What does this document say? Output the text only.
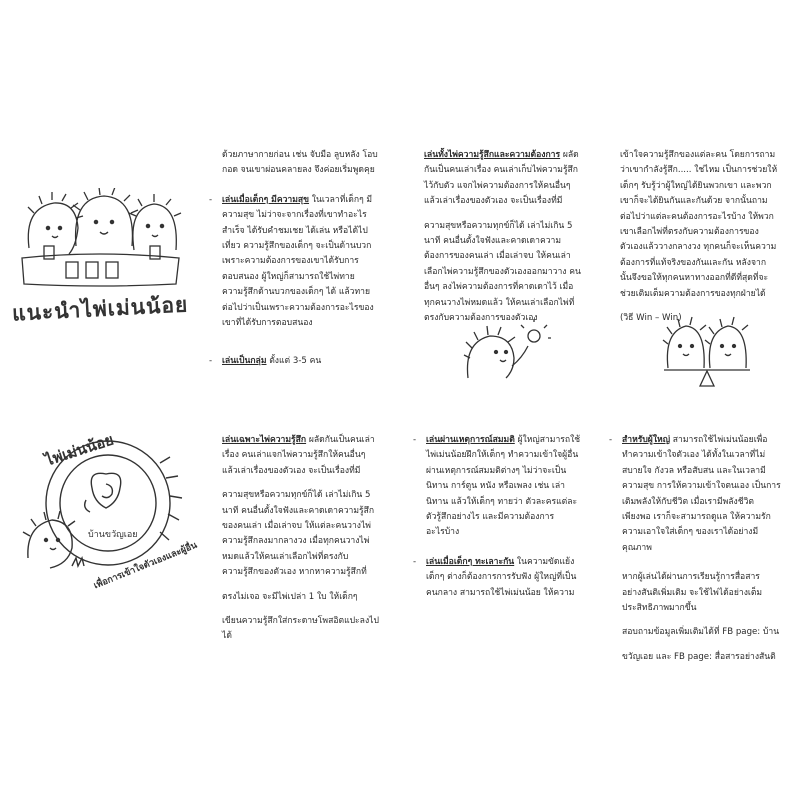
แนะนำไพ่เม่นน้อย
ไพ่เม่นน้อย
บ้านขวัญเอย
เพื่อการเข้าใจตัวเองและผู้อื่น

ด้วยภาษากายก่อน เช่น จับมือ ลูบหลัง โอบ

กอด จนเขาผ่อนคลายลง จึงค่อยเริ่มพูดคุย

- เล่นเมื่อเด็กๆ มีความสุข ในเวลาที่เด็กๆ มี

ความสุข ไม่ว่าจะจากเรื่องที่เขาทำอะไร

สำเร็จ ได้รับคำชมเชย ได้เล่น หรือได้ไป

เที่ยว ความรู้สึกของเด็กๆ จะเป็นด้านบวก

เพราะความต้องการของเขาได้รับการ

ตอบสนอง ผู้ใหญ่ก็สามารถใช้ไพ่ทาย

ความรู้สึกด้านบวกของเด็กๆ ได้ แล้วทาย

ต่อไปว่าเป็นเพราะความต้องการอะไรของ

เขาที่ได้รับการตอบสนอง

- เล่นเป็นกลุ่ม ตั้งแต่ 3-5 คน

เล่นทั้งไพ่ความรู้สึกและความต้องการ ผลัด

กันเป็นคนเล่าเรื่อง คนเล่าเก็บไพ่ความรู้สึก

ไว้กับตัว แจกไพ่ความต้องการให้คนอื่นๆ

แล้วเล่าเรื่องของตัวเอง จะเป็นเรื่องที่มี

ความสุขหรือความทุกข์ก็ได้ เล่าไม่เกิน 5

นาที คนอื่นตั้งใจฟังและคาดเดาความ

ต้องการของคนเล่า เมื่อเล่าจบ ให้คนเล่า

เลือกไพ่ความรู้สึกของตัวเองออกมาวาง คน

อื่นๆ ลงไพ่ความต้องการที่คาดเดาไว้ เมื่อ

ทุกคนวางไพ่หมดแล้ว ให้คนเล่าเลือกไพ่ที่

ตรงกับความต้องการของตัวเอง

เข้าใจความรู้สึกของแต่ละคน โดยการถาม

ว่าเขากำลังรู้สึก..... ใช่ไหม เป็นการช่วยให้

เด็กๆ รับรู้ว่าผู้ใหญ่ได้ยินพวกเขา และพวก

เขาก็จะได้ยินกันและกันด้วย จากนั้นถาม

ต่อไปว่าแต่ละคนต้องการอะไรบ้าง ให้พวก

เขาเลือกไพ่ที่ตรงกับความต้องการของ

ตัวเองแล้ววางกลางวง ทุกคนก็จะเห็นความ

ต้องการที่แท้จริงของกันและกัน หลังจาก

นั้นจึงขอให้ทุกคนหาทางออกที่ดีที่สุดที่จะ

ช่วยเติมเต็มความต้องการของทุกฝ่ายได้

(วิธี Win – Win)

เล่นเฉพาะไพ่ความรู้สึก ผลัดกันเป็นคนเล่า

เรื่อง คนเล่าแจกไพ่ความรู้สึกให้คนอื่นๆ

แล้วเล่าเรื่องของตัวเอง จะเป็นเรื่องที่มี

ความสุขหรือความทุกข์ก็ได้ เล่าไม่เกิน 5

นาที คนอื่นตั้งใจฟังและคาดเดาความรู้สึก

ของคนเล่า เมื่อเล่าจบ ให้แต่ละคนวางไพ่

ความรู้สึกลงมากลางวง เมื่อทุกคนวางไพ่

หมดแล้วให้คนเล่าเลือกไพ่ที่ตรงกับ

ความรู้สึกของตัวเอง หากหาความรู้สึกที่

ตรงไม่เจอ จะมีไพ่เปล่า 1 ใบ ให้เด็กๆ

เขียนความรู้สึกใส่กระดาษโพสอิตแปะลงไป

ได้

- เล่นผ่านเหตุการณ์สมมติ ผู้ใหญ่สามารถใช้

ไพ่เม่นน้อยฝึกให้เด็กๆ ทำความเข้าใจผู้อื่น

ผ่านเหตุการณ์สมมติต่างๆ ไม่ว่าจะเป็น

นิทาน การ์ตูน หนัง หรือเพลง เช่น เล่า

นิทาน แล้วให้เด็กๆ ทายว่า ตัวละครแต่ละ

ตัวรู้สึกอย่างไร และมีความต้องการ

อะไรบ้าง

- เล่นเมื่อเด็กๆ ทะเลาะกัน ในความขัดแย้ง

เด็กๆ ต่างก็ต้องการการรับฟัง ผู้ใหญ่ที่เป็น

คนกลาง สามารถใช้ไพ่เม่นน้อย ให้ความ

- สำหรับผู้ใหญ่ สามารถใช้ไพ่เม่นน้อยเพื่อ

ทำความเข้าใจตัวเอง ได้ทั้งในเวลาที่ไม่

สบายใจ กังวล หรือสับสน และในเวลามี

ความสุข การให้ความเข้าใจตนเอง เป็นการ

เติมพลังให้กับชีวิต เมื่อเรามีพลังชีวิต

เพียงพอ เราก็จะสามารถดูแล ให้ความรัก

ความเอาใจใส่เด็กๆ ของเราได้อย่างมี

คุณภาพ

หากผู้เล่นได้ผ่านการเรียนรู้การสื่อสาร

อย่างสันติเพิ่มเติม จะใช้ไพ่ได้อย่างเต็ม

ประสิทธิภาพมากขึ้น

สอบถามข้อมูลเพิ่มเติมได้ที่ FB page: บ้าน

ขวัญเอย และ FB page: สื่อสารอย่างสันติ
